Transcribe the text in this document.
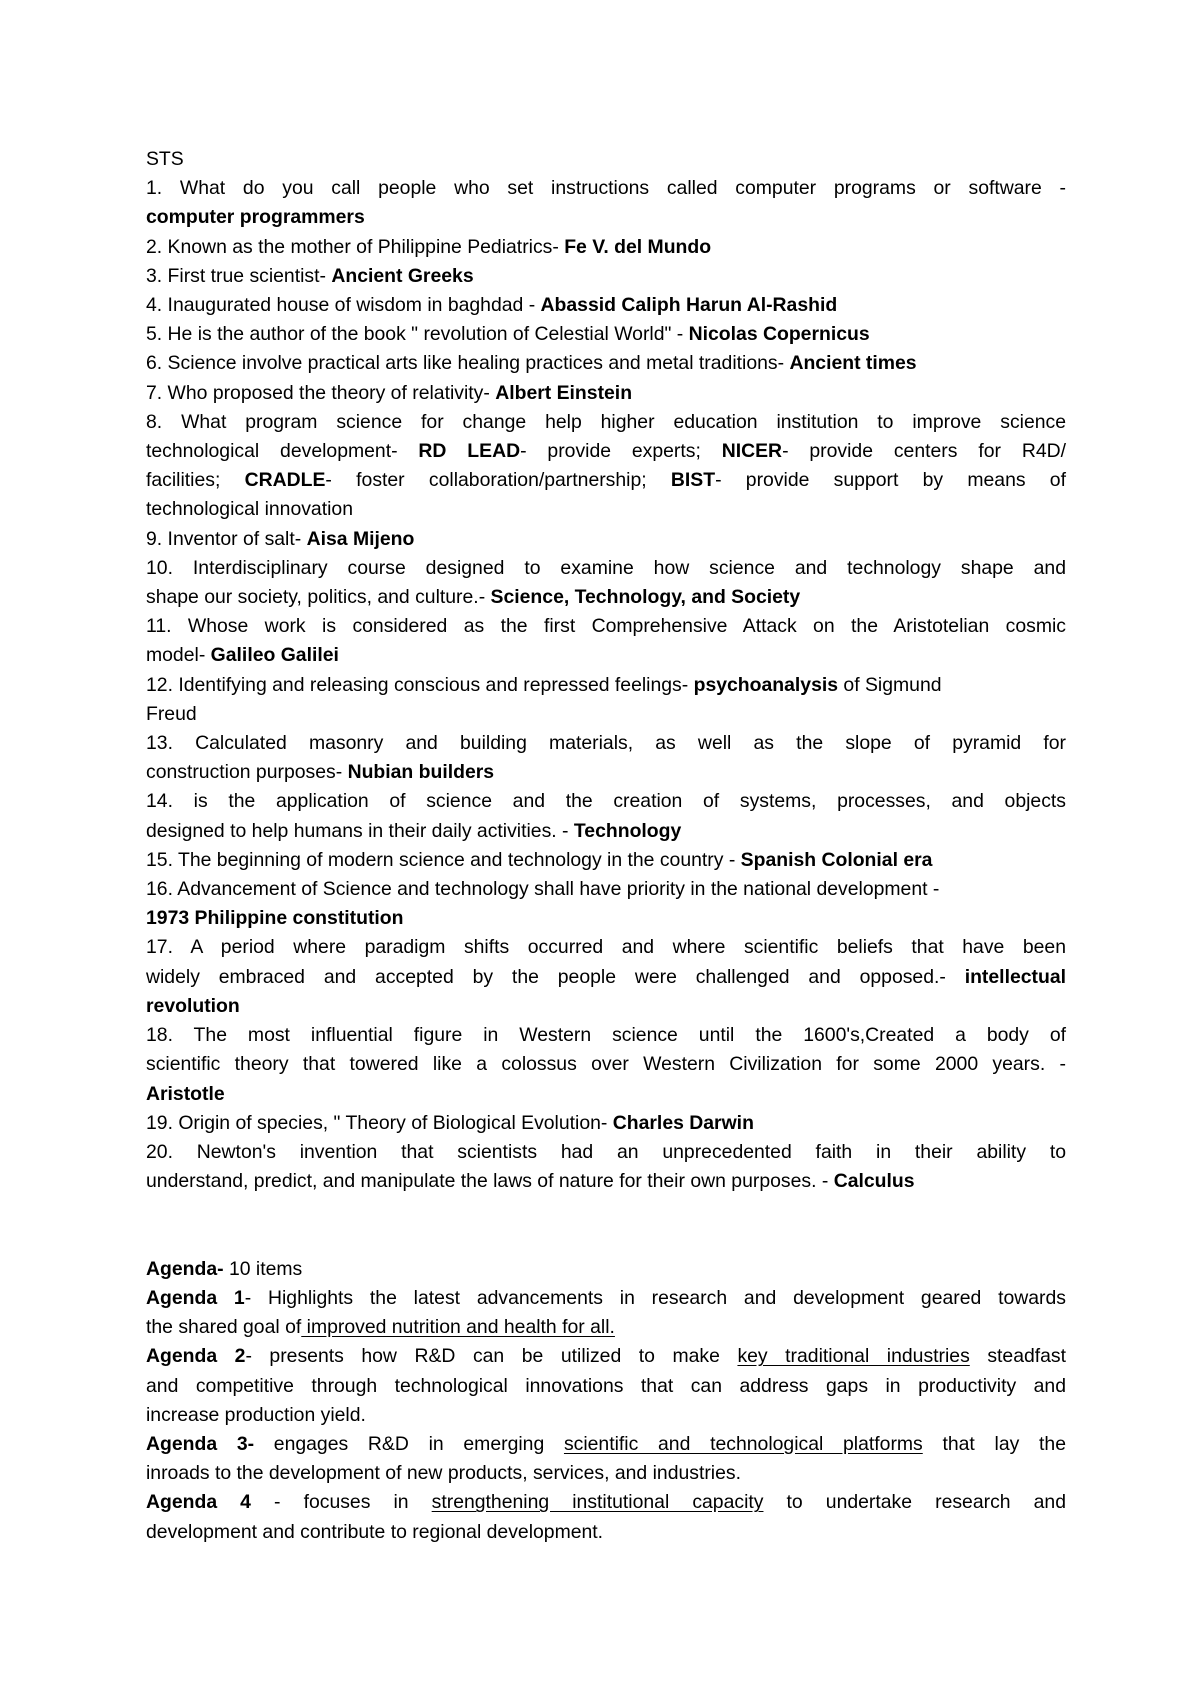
STS
1. What do you call people who set instructions called computer programs or software -
computer programmers
2. Known as the mother of Philippine Pediatrics- Fe V. del Mundo
3. First true scientist- Ancient Greeks
4. Inaugurated house of wisdom in baghdad - Abassid Caliph Harun Al-Rashid
5. He is the author of the book " revolution of Celestial World" - Nicolas Copernicus
6. Science involve practical arts like healing practices and metal traditions- Ancient times
7. Who proposed the theory of relativity- Albert Einstein
8. What program science for change help higher education institution to improve science
technological development- RD LEAD- provide experts; NICER- provide centers for R4D/
facilities; CRADLE- foster collaboration/partnership; BIST- provide support by means of
technological innovation
9. Inventor of salt- Aisa Mijeno
10. Interdisciplinary course designed to examine how science and technology shape and
shape our society, politics, and culture.- Science, Technology, and Society
11. Whose work is considered as the first Comprehensive Attack on the Aristotelian cosmic
model- Galileo Galilei
12. Identifying and releasing conscious and repressed feelings- psychoanalysis of Sigmund
Freud
13. Calculated masonry and building materials, as well as the slope of pyramid for
construction purposes- Nubian builders
14. is the application of science and the creation of systems, processes, and objects
designed to help humans in their daily activities. - Technology
15. The beginning of modern science and technology in the country - Spanish Colonial era
16. Advancement of Science and technology shall have priority in the national development -
1973 Philippine constitution
17. A period where paradigm shifts occurred and where scientific beliefs that have been
widely embraced and accepted by the people were challenged and opposed.- intellectual
revolution
18. The most influential figure in Western science until the 1600's,Created a body of
scientific theory that towered like a colossus over Western Civilization for some 2000 years. -
Aristotle
19. Origin of species, " Theory of Biological Evolution- Charles Darwin
20. Newton's invention that scientists had an unprecedented faith in their ability to
understand, predict, and manipulate the laws of nature for their own purposes. - Calculus
Agenda- 10 items
Agenda 1- Highlights the latest advancements in research and development geared towards
the shared goal of improved nutrition and health for all.
Agenda 2- presents how R&D can be utilized to make key traditional industries steadfast
and competitive through technological innovations that can address gaps in productivity and
increase production yield.
Agenda 3- engages R&D in emerging scientific and technological platforms that lay the
inroads to the development of new products, services, and industries.
Agenda 4 - focuses in strengthening institutional capacity to undertake research and
development and contribute to regional development.
